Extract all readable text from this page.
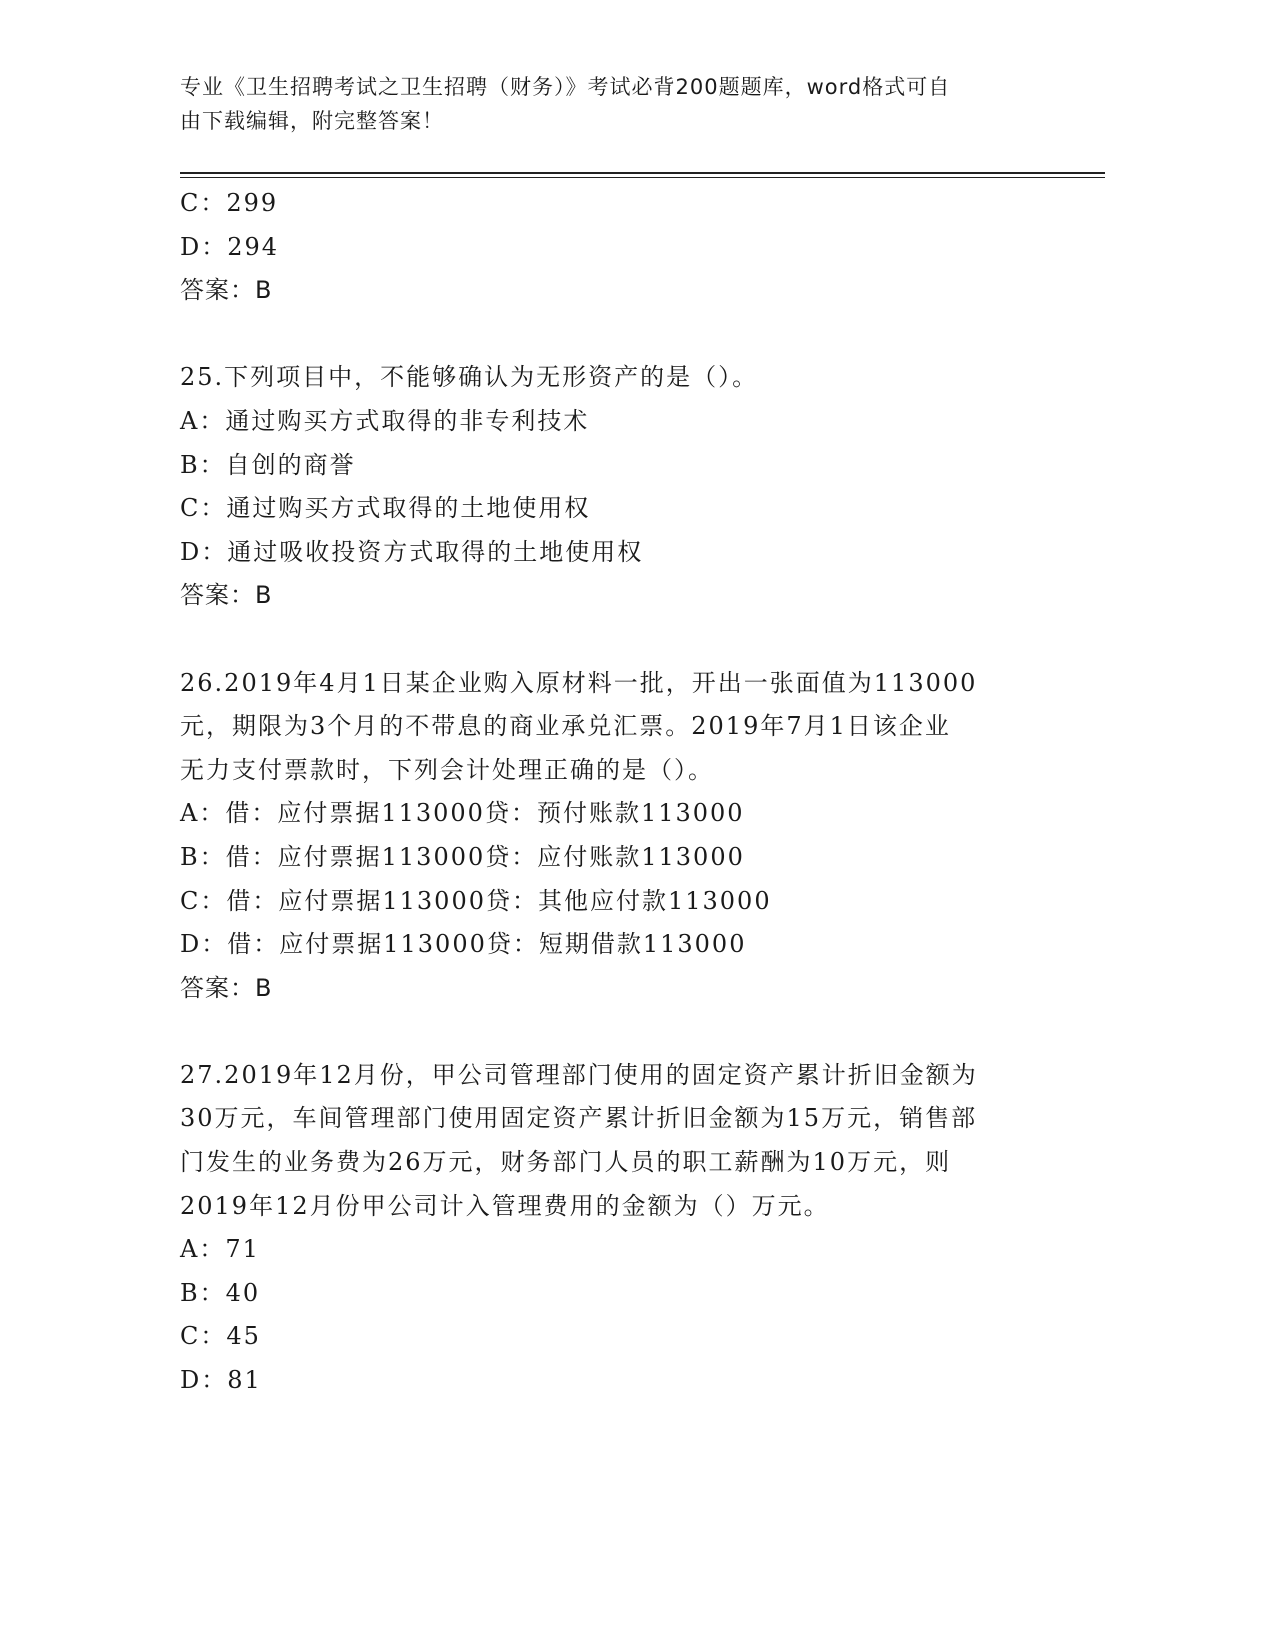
专业《卫生招聘考试之卫生招聘（财务）》考试必背200题题库，word格式可自
由下载编辑，附完整答案！
C：299
D：294
答案：B
25.下列项目中，不能够确认为无形资产的是（）。
A：通过购买方式取得的非专利技术
B：自创的商誉
C：通过购买方式取得的土地使用权
D：通过吸收投资方式取得的土地使用权
答案：B
26.2019年4月1日某企业购入原材料一批，开出一张面值为113000
元，期限为3个月的不带息的商业承兑汇票。2019年7月1日该企业
无力支付票款时，下列会计处理正确的是（）。
A：借：应付票据113000贷：预付账款113000
B：借：应付票据113000贷：应付账款113000
C：借：应付票据113000贷：其他应付款113000
D：借：应付票据113000贷：短期借款113000
答案：B
27.2019年12月份，甲公司管理部门使用的固定资产累计折旧金额为
30万元，车间管理部门使用固定资产累计折旧金额为15万元，销售部
门发生的业务费为26万元，财务部门人员的职工薪酬为10万元，则
2019年12月份甲公司计入管理费用的金额为（）万元。
A：71
B：40
C：45
D：81
